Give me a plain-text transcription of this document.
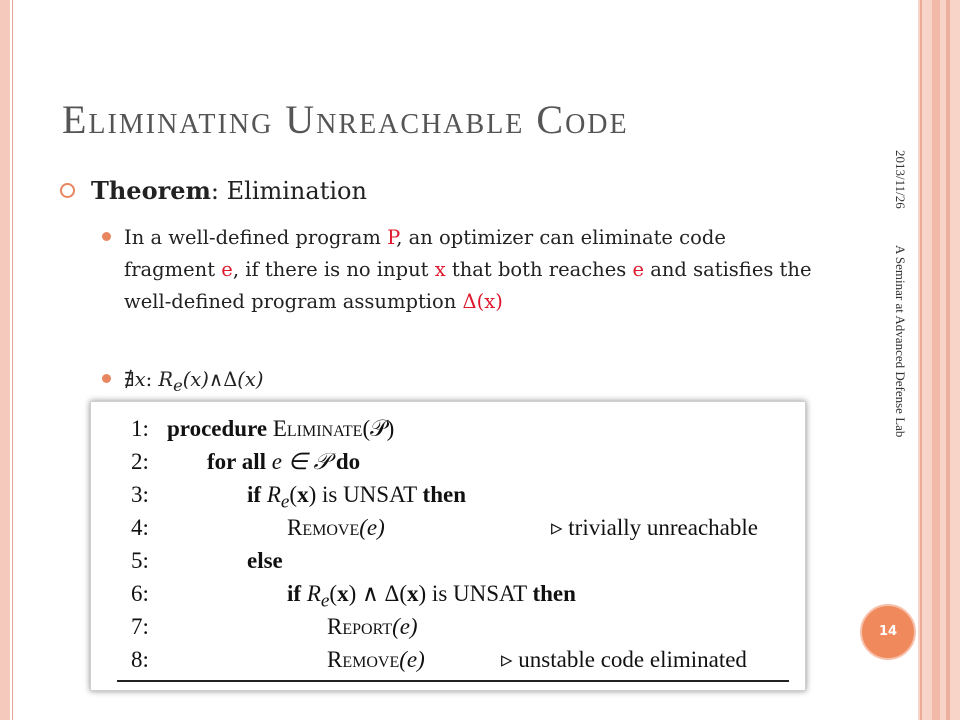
Eliminating Unreachable Code
Theorem: Elimination
In a well-defined program P, an optimizer can eliminate code fragment e, if there is no input x that both reaches e and satisfies the well-defined program assumption Δ(x)
∄x: $R_e(x)\wedge\Delta(x)$
1: procedure Eliminate(𝒫)
2:	for all e ∈ 𝒫 do
3:	if $R_e(x)$ is UNSAT then
4:	Remove(e)	▹ trivially unreachable
5:	else
6:	if $R_e(x)$ ∧ Δ(x) is UNSAT then
7:	Report(e)
8:	Remove(e)	▹ unstable code eliminated
2013/11/26
A Seminar at Advanced Defense Lab
14
